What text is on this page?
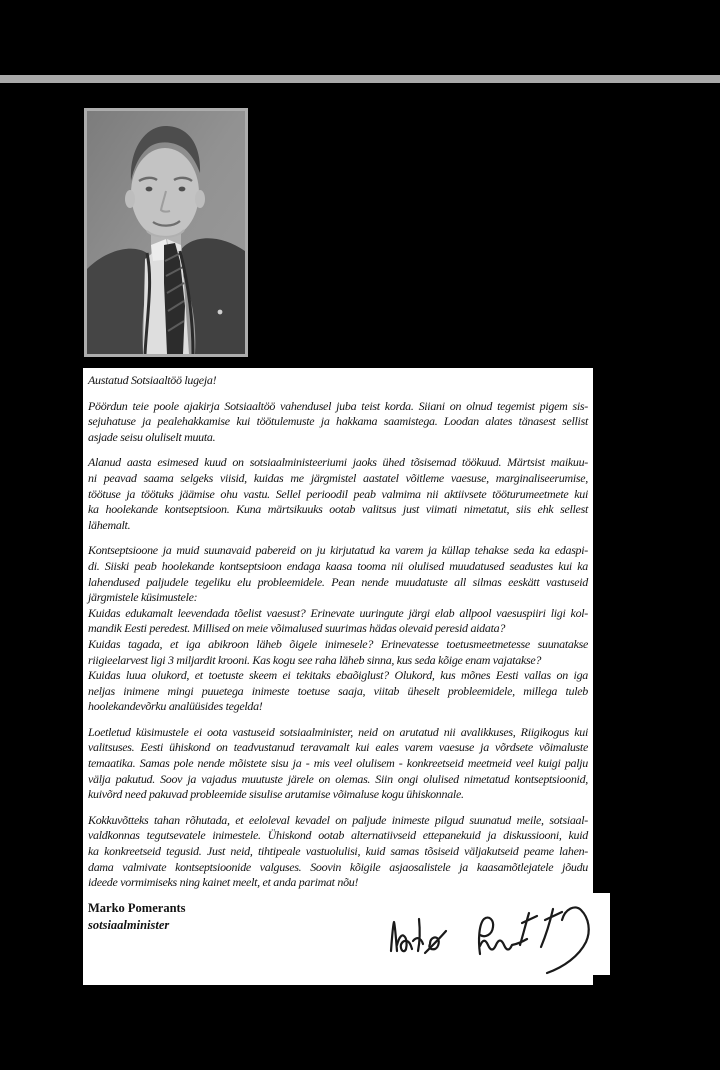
Austatud Sotsiaaltöö lugeja!
Pöördun teie poole ajakirja Sotsiaaltöö vahendusel juba teist korda. Siiani on olnud tegemist pigem sis-
sejuhatuse ja pealehakkamise kui töötulemuste ja hakkama saamistega. Loodan alates tänasest sellist
asjade seisu oluliselt muuta.
Alanud aasta esimesed kuud on sotsiaalministeeriumi jaoks ühed tõsisemad töökuud. Märtsist maikuu-
ni peavad saama selgeks viisid, kuidas me järgmistel aastatel võitleme vaesuse, marginaliseerumise,
töötuse ja töötuks jäämise ohu vastu. Sellel perioodil peab valmima nii aktiivsete tööturumeetmete kui
ka hoolekande kontseptsioon. Kuna märtsikuuks ootab valitsus just viimati nimetatut, siis ehk sellest
lähemalt.
Kontseptsioone ja muid suunavaid pabereid on ju kirjutatud ka varem ja küllap tehakse seda ka edaspi-
di. Siiski peab hoolekande kontseptsioon endaga kaasa tooma nii olulised muudatused seadustes kui ka
lahendused paljudele tegeliku elu probleemidele. Pean nende muudatuste all silmas eeskätt vastuseid
järgmistele küsimustele:
Kuidas edukamalt leevendada tõelist vaesust? Erinevate uuringute järgi elab allpool vaesuspiiri ligi kol-
mandik Eesti peredest. Millised on meie võimalused suurimas hädas olevaid peresid aidata?
Kuidas tagada, et iga abikroon läheb õigele inimesele? Erinevatesse toetusmeetmetesse suunatakse
riigieelarvest ligi 3 miljardit krooni. Kas kogu see raha läheb sinna, kus seda kõige enam vajatakse?
Kuidas luua olukord, et toetuste skeem ei tekitaks ebaõiglust? Olukord, kus mõnes Eesti vallas on iga
neljas inimene mingi puuetega inimeste toetuse saaja, viitab üheselt probleemidele, millega tuleb
hoolekandevõrku analüüsides tegelda!
Loetletud küsimustele ei oota vastuseid sotsiaalminister, neid on arutatud nii avalikkuses, Riigikogus kui
valitsuses. Eesti ühiskond on teadvustanud teravamalt kui eales varem vaesuse ja võrdsete võimaluste
temaatika. Samas pole nende mõistete sisu ja - mis veel olulisem - konkreetseid meetmeid veel kuigi palju
välja pakutud. Soov ja vajadus muutuste järele on olemas. Siin ongi olulised nimetatud kontseptsioonid,
kuivõrd need pakuvad probleemide sisulise arutamise võimaluse kogu ühiskonnale.
Kokkuvõtteks tahan rõhutada, et eeloleval kevadel on paljude inimeste pilgud suunatud meile, sotsiaal-
valdkonnas tegutsevatele inimestele. Ühiskond ootab alternatiivseid ettepanekuid ja diskussiooni, kuid
ka konkreetseid tegusid. Just neid, tihtipeale vastuolulisi, kuid samas tõsiseid väljakutseid peame lahen-
dama valmivate kontseptsioonide valguses. Soovin kõigile asjaosalistele ja kaasamõtlejatele jõudu
ideede vormimiseks ning kainet meelt, et anda parimat nõu!
Marko Pomerants
sotsiaalminister
